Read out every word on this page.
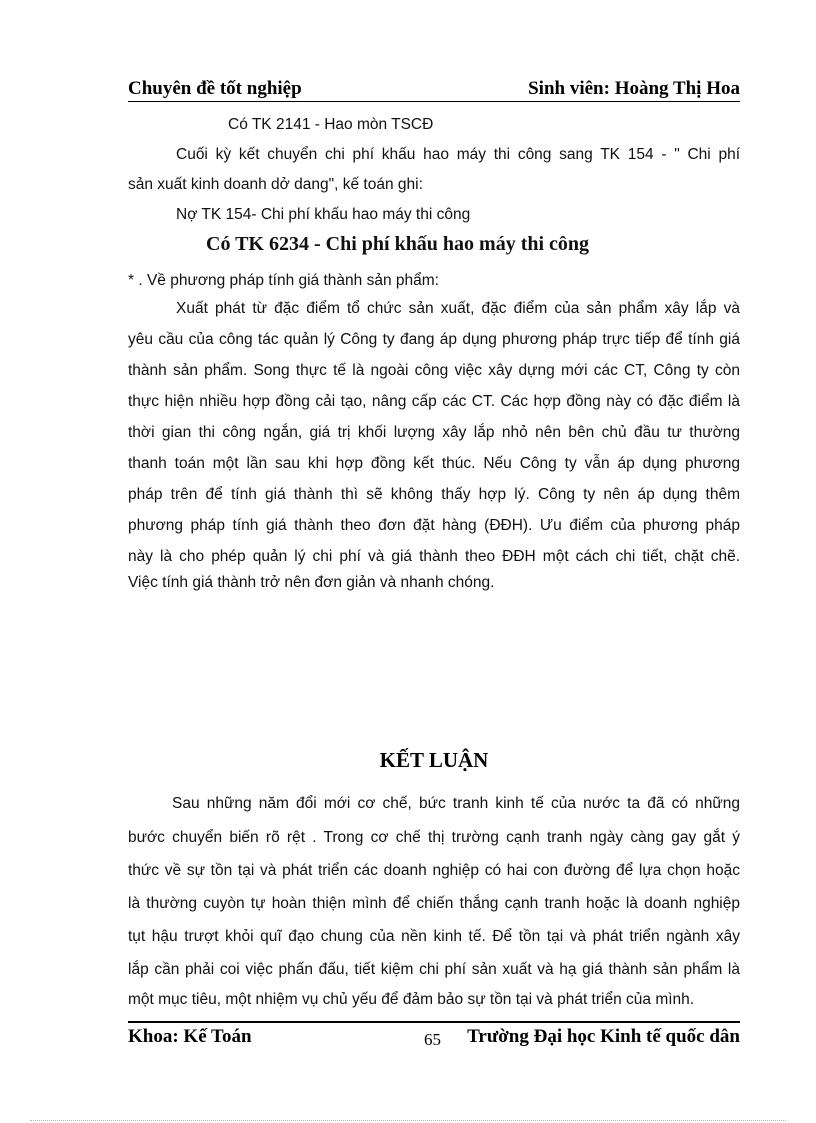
Chuyên đề tốt nghiệp	Sinh viên: Hoàng Thị Hoa
Có TK 2141 - Hao mòn TSCĐ
Cuối kỳ kết chuyển chi phí khấu hao máy thi công sang TK 154 - " Chi phí
sản xuất kinh doanh dở dang", kế toán ghi:
Nợ TK 154- Chi phí khấu hao máy thi công
Có TK 6234 - Chi phí khấu hao máy thi công
* . Về phương pháp tính giá thành sản phẩm:
Xuất phát từ đặc điểm tổ chức sản xuất, đặc điểm của sản phẩm xây lắp và
yêu cầu của công tác quản lý Công ty đang áp dụng phương pháp trực tiếp để tính giá
thành sản phẩm. Song thực tế là ngoài công việc xây dựng mới các CT, Công ty còn
thực hiện nhiều hợp đồng cải tạo, nâng cấp các CT. Các hợp đồng này có đặc điểm là
thời gian thi công ngắn, giá trị khối lượng xây lắp nhỏ nên bên chủ đầu tư thường
thanh toán một lần sau khi hợp đồng kết thúc. Nếu Công ty vẫn áp dụng phương
pháp trên để tính giá thành thì sẽ không thấy hợp lý. Công ty nên áp dụng thêm
phương pháp tính giá thành theo đơn đặt hàng (ĐĐH). Ưu điểm của phương pháp
này là cho phép quản lý chi phí và giá thành theo ĐĐH một cách chi tiết, chặt chẽ.
Việc tính giá thành trở nên đơn giản và nhanh chóng.
KẾT LUẬN
Sau những năm đổi mới cơ chế, bức tranh kinh tế của nước ta đã có những
bước chuyển biến rõ rệt . Trong cơ chế thị trường cạnh tranh ngày càng gay gắt ý
thức về sự tồn tại và phát triển các doanh nghiệp có hai con đường để lựa chọn hoặc
là thường cuyòn tự hoàn thiện mình để chiến thắng cạnh tranh hoặc là doanh nghiệp
tụt hậu trượt khỏi quĩ đạo chung của nền kinh tế. Để tồn tại và phát triển ngành xây
lắp cần phải coi việc phấn đấu, tiết kiệm chi phí sản xuất và hạ giá thành sản phẩm là
một mục tiêu, một nhiệm vụ chủ yếu để đảm bảo sự tồn tại và phát triển của mình.
Khoa: Kế Toán	65 Trường Đại học Kinh tế quốc dân
